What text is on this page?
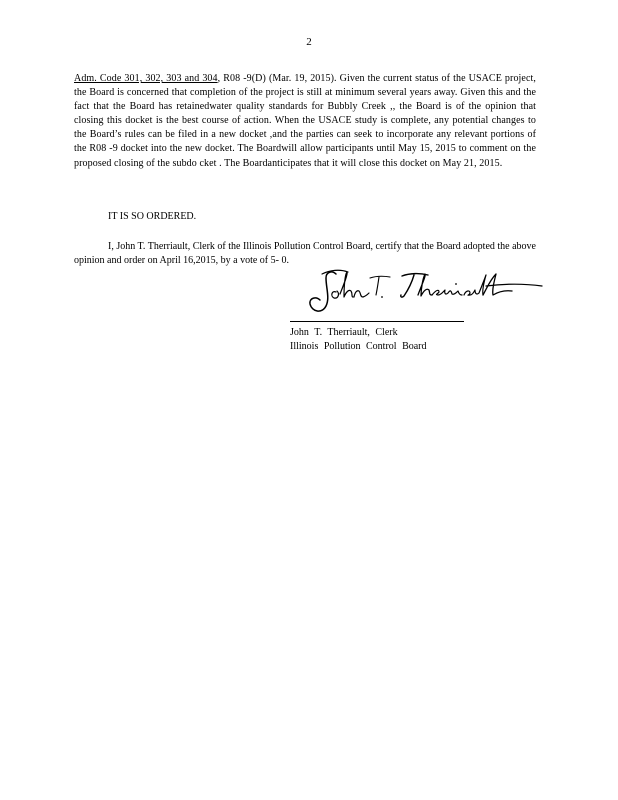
2
Adm. Code 301, 302, 303 and 304, R08 -9(D) (Mar. 19, 2015). Given the current status of the USACE project, the Board is concerned that completion of the project is still at minimum several years away. Given this and the fact that the Board has retainedwater quality standards for Bubbly Creek ,, the Board is of the opinion that closing this docket is the best course of action. When the USACE study is complete, any potential changes to the Board’s rules can be filed in a new docket ,and the parties can seek to incorporate any relevant portions of the R08 -9 docket into the new docket. The Boardwill allow participants until May 15, 2015 to comment on the proposed closing of the subdo cket . The Boardanticipates that it will close this docket on May 21, 2015.
IT IS SO ORDERED.
I, John T. Therriault, Clerk of the Illinois Pollution Control Board, certify that the Board adopted the above opinion and order on April 16,2015, by a vote of 5- 0.
John T. Therriault, Clerk
Illinois Pollution Control Board
